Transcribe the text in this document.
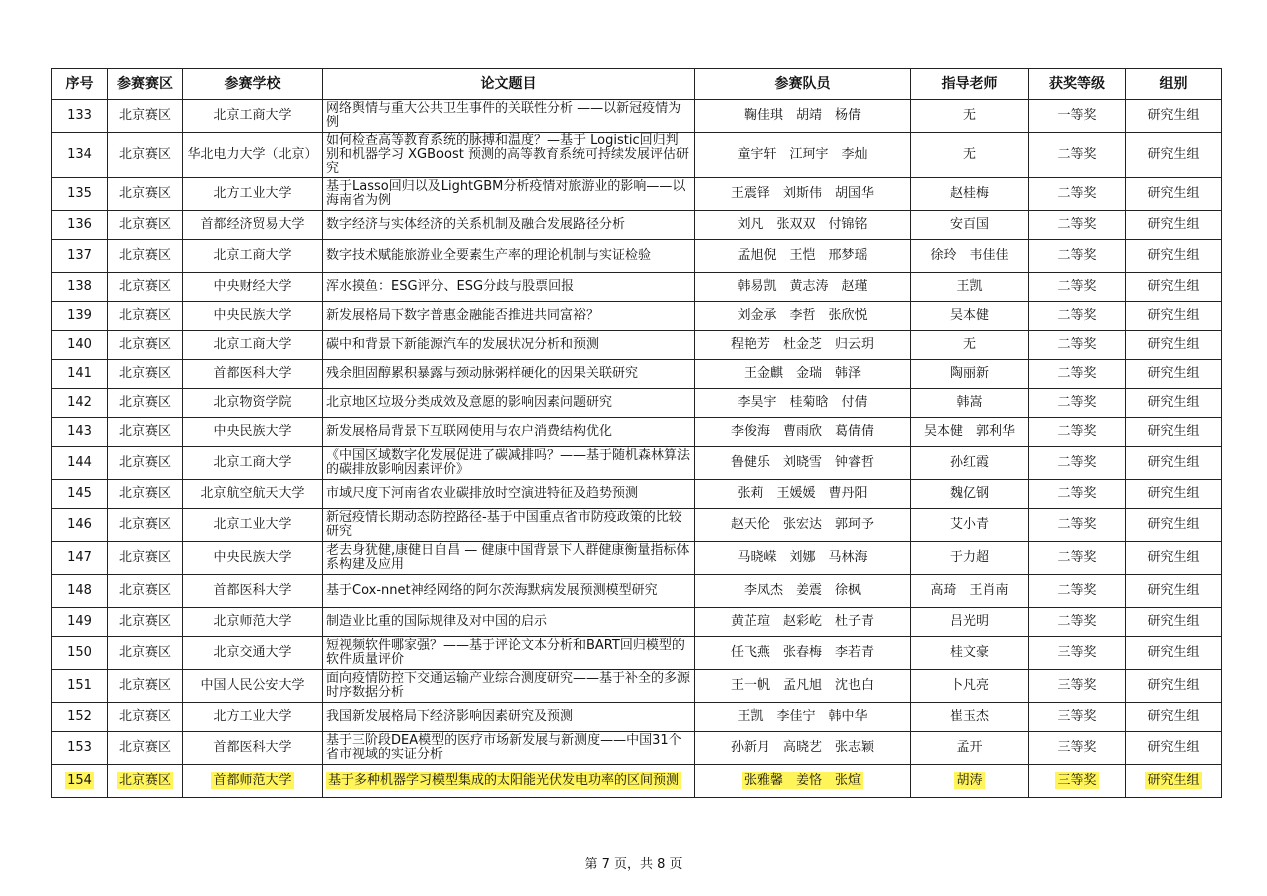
序号	参赛赛区	参赛学校	论文题目	参赛队员	指导老师	获奖等级	组别
133	北京赛区	北京工商大学	网络舆情与重大公共卫生事件的关联性分析 ——以新冠疫情为例	鞠佳琪　胡靖　杨倩	无	一等奖	研究生组
134	北京赛区	华北电力大学（北京）	如何检查高等教育系统的脉搏和温度？—基于 Logistic回归判别和机器学习 XGBoost 预测的高等教育系统可持续发展评估研究	童宇轩　江珂宇　李灿	无	二等奖	研究生组
135	北京赛区	北方工业大学	基于Lasso回归以及LightGBM分析疫情对旅游业的影响——以海南省为例	王震铎　刘斯伟　胡国华	赵桂梅	二等奖	研究生组
136	北京赛区	首都经济贸易大学	数字经济与实体经济的关系机制及融合发展路径分析	刘凡　张双双　付锦铭	安百国	二等奖	研究生组
137	北京赛区	北京工商大学	数字技术赋能旅游业全要素生产率的理论机制与实证检验	孟旭倪　王恺　邢梦瑶	徐玲　韦佳佳	二等奖	研究生组
138	北京赛区	中央财经大学	浑水摸鱼：ESG评分、ESG分歧与股票回报	韩易凯　黄志涛　赵瑾	王凯	二等奖	研究生组
139	北京赛区	中央民族大学	新发展格局下数字普惠金融能否推进共同富裕？	刘金承　李哲　张欣悦	吴本健	二等奖	研究生组
140	北京赛区	北京工商大学	碳中和背景下新能源汽车的发展状况分析和预测	程艳芳　杜金芝　归云玥	无	二等奖	研究生组
141	北京赛区	首都医科大学	残余胆固醇累积暴露与颈动脉粥样硬化的因果关联研究	王金麒　金瑞　韩泽	陶丽新	二等奖	研究生组
142	北京赛区	北京物资学院	北京地区垃圾分类成效及意愿的影响因素问题研究	李昊宇　桂菊晗　付倩	韩嵩	二等奖	研究生组
143	北京赛区	中央民族大学	新发展格局背景下互联网使用与农户消费结构优化	李俊海　曹雨欣　葛倩倩	吴本健　郭利华	二等奖	研究生组
144	北京赛区	北京工商大学	《中国区域数字化发展促进了碳减排吗？——基于随机森林算法的碳排放影响因素评价》	鲁健乐　刘晓雪　钟睿哲	孙红霞	二等奖	研究生组
145	北京赛区	北京航空航天大学	市域尺度下河南省农业碳排放时空演进特征及趋势预测	张莉　王媛媛　曹丹阳	魏亿钢	二等奖	研究生组
146	北京赛区	北京工业大学	新冠疫情长期动态防控路径-基于中国重点省市防疫政策的比较研究	赵天伦　张宏达　郭珂予	艾小青	二等奖	研究生组
147	北京赛区	中央民族大学	老去身犹健,康健日自昌 — 健康中国背景下人群健康衡量指标体系构建及应用	马晓嵘　刘娜　马林海	于力超	二等奖	研究生组
148	北京赛区	首都医科大学	基于Cox-nnet神经网络的阿尔茨海默病发展预测模型研究	李凤杰　姜震　徐枫	高琦　王肖南	二等奖	研究生组
149	北京赛区	北京师范大学	制造业比重的国际规律及对中国的启示	黄芷瑄　赵彩屹　杜子青	吕光明	二等奖	研究生组
150	北京赛区	北京交通大学	短视频软件哪家强？——基于评论文本分析和BART回归模型的软件质量评价	任飞燕　张春梅　李若青	桂文豪	三等奖	研究生组
151	北京赛区	中国人民公安大学	面向疫情防控下交通运输产业综合测度研究——基于补全的多源时序数据分析	王一帆　孟凡旭　沈也白	卜凡亮	三等奖	研究生组
152	北京赛区	北方工业大学	我国新发展格局下经济影响因素研究及预测	王凯　李佳宁　韩中华	崔玉杰	三等奖	研究生组
153	北京赛区	首都医科大学	基于三阶段DEA模型的医疗市场新发展与新测度——中国31个省市视域的实证分析	孙新月　高晓艺　张志颖	孟开	三等奖	研究生组
154	北京赛区	首都师范大学	基于多种机器学习模型集成的太阳能光伏发电功率的区间预测	张雅馨　姜恪　张煊	胡涛	三等奖	研究生组
第 7 页，共 8 页
